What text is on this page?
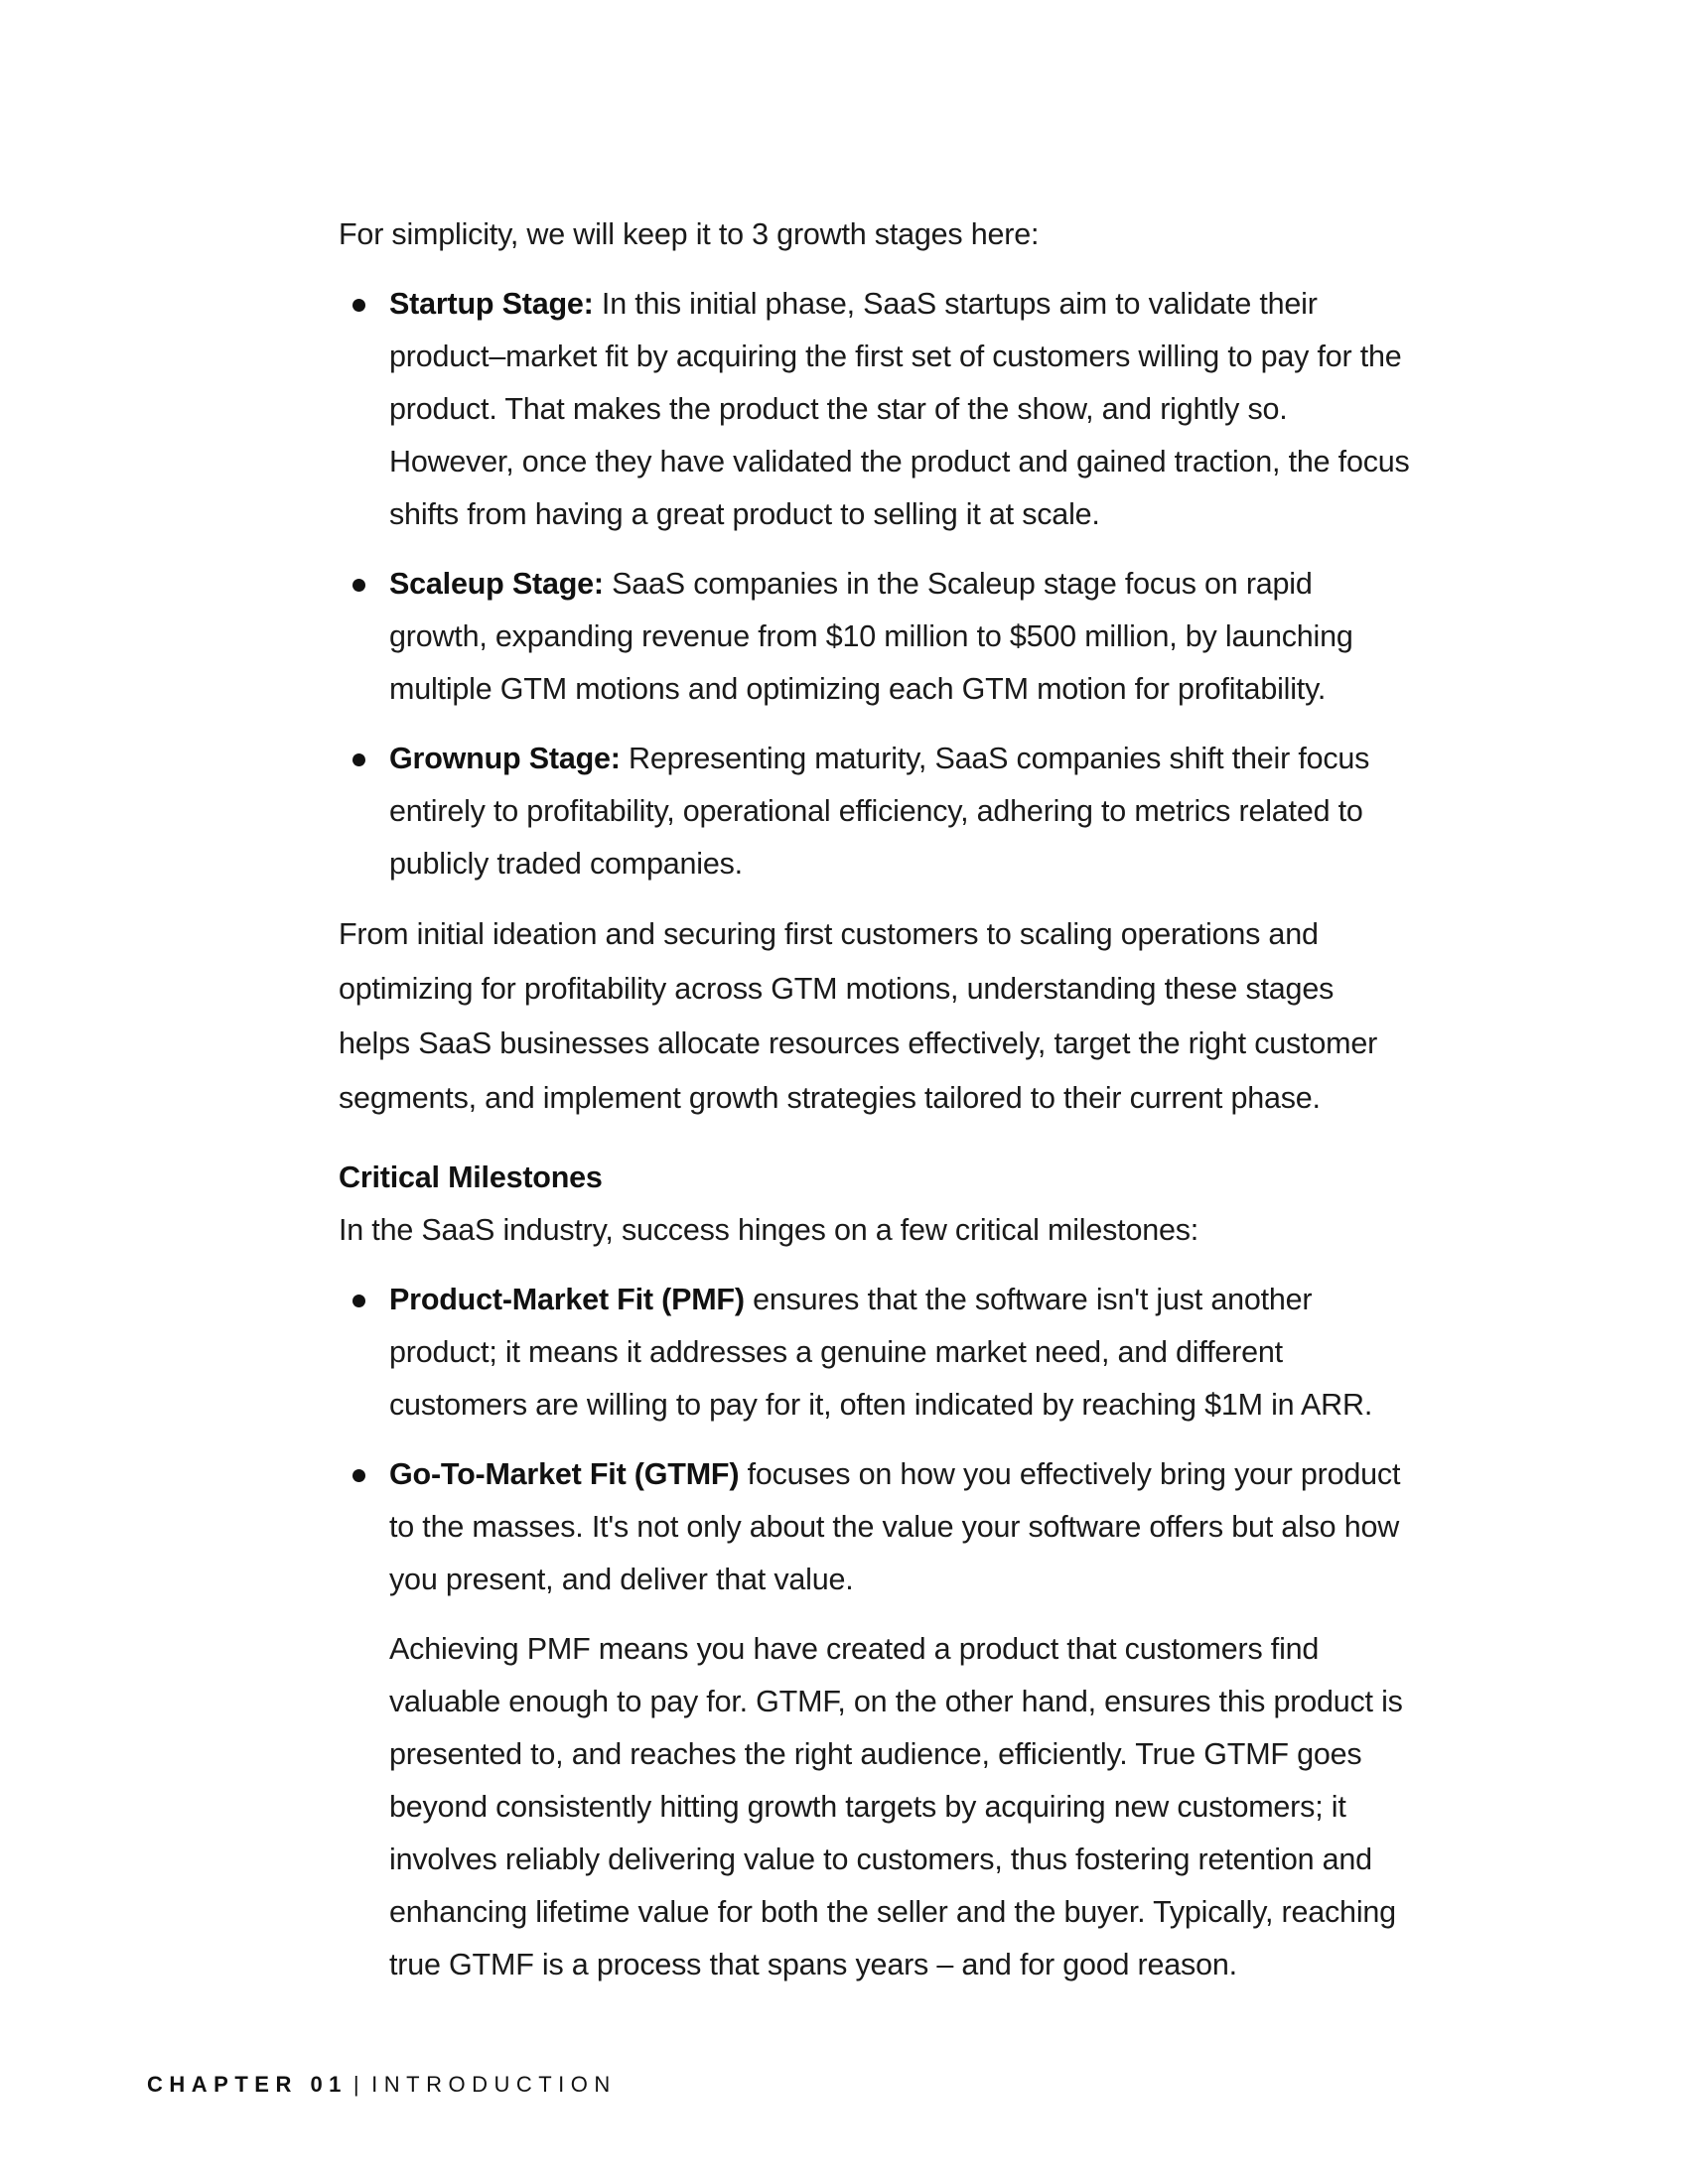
For simplicity, we will keep it to 3 growth stages here:

Startup Stage: In this initial phase, SaaS startups aim to validate their product–market fit by acquiring the first set of customers willing to pay for the product. That makes the product the star of the show, and rightly so. However, once they have validated the product and gained traction, the focus shifts from having a great product to selling it at scale.
Scaleup Stage: SaaS companies in the Scaleup stage focus on rapid growth, expanding revenue from $10 million to $500 million, by launching multiple GTM motions and optimizing each GTM motion for profitability.
Grownup Stage: Representing maturity, SaaS companies shift their focus entirely to profitability, operational efficiency, adhering to metrics related to publicly traded companies.

From initial ideation and securing first customers to scaling operations and optimizing for profitability across GTM motions, understanding these stages helps SaaS businesses allocate resources effectively, target the right customer segments, and implement growth strategies tailored to their current phase.

Critical Milestones

In the SaaS industry, success hinges on a few critical milestones:

Product-Market Fit (PMF) ensures that the software isn't just another product; it means it addresses a genuine market need, and different customers are willing to pay for it, often indicated by reaching $1M in ARR.
Go-To-Market Fit (GTMF) focuses on how you effectively bring your product to the masses. It's not only about the value your software offers but also how you present, and deliver that value.

Achieving PMF means you have created a product that customers find valuable enough to pay for. GTMF, on the other hand, ensures this product is presented to, and reaches the right audience, efficiently. True GTMF goes beyond consistently hitting growth targets by acquiring new customers; it involves reliably delivering value to customers, thus fostering retention and enhancing lifetime value for both the seller and the buyer. Typically, reaching true GTMF is a process that spans years – and for good reason.

CHAPTER 01 | INTRODUCTION
